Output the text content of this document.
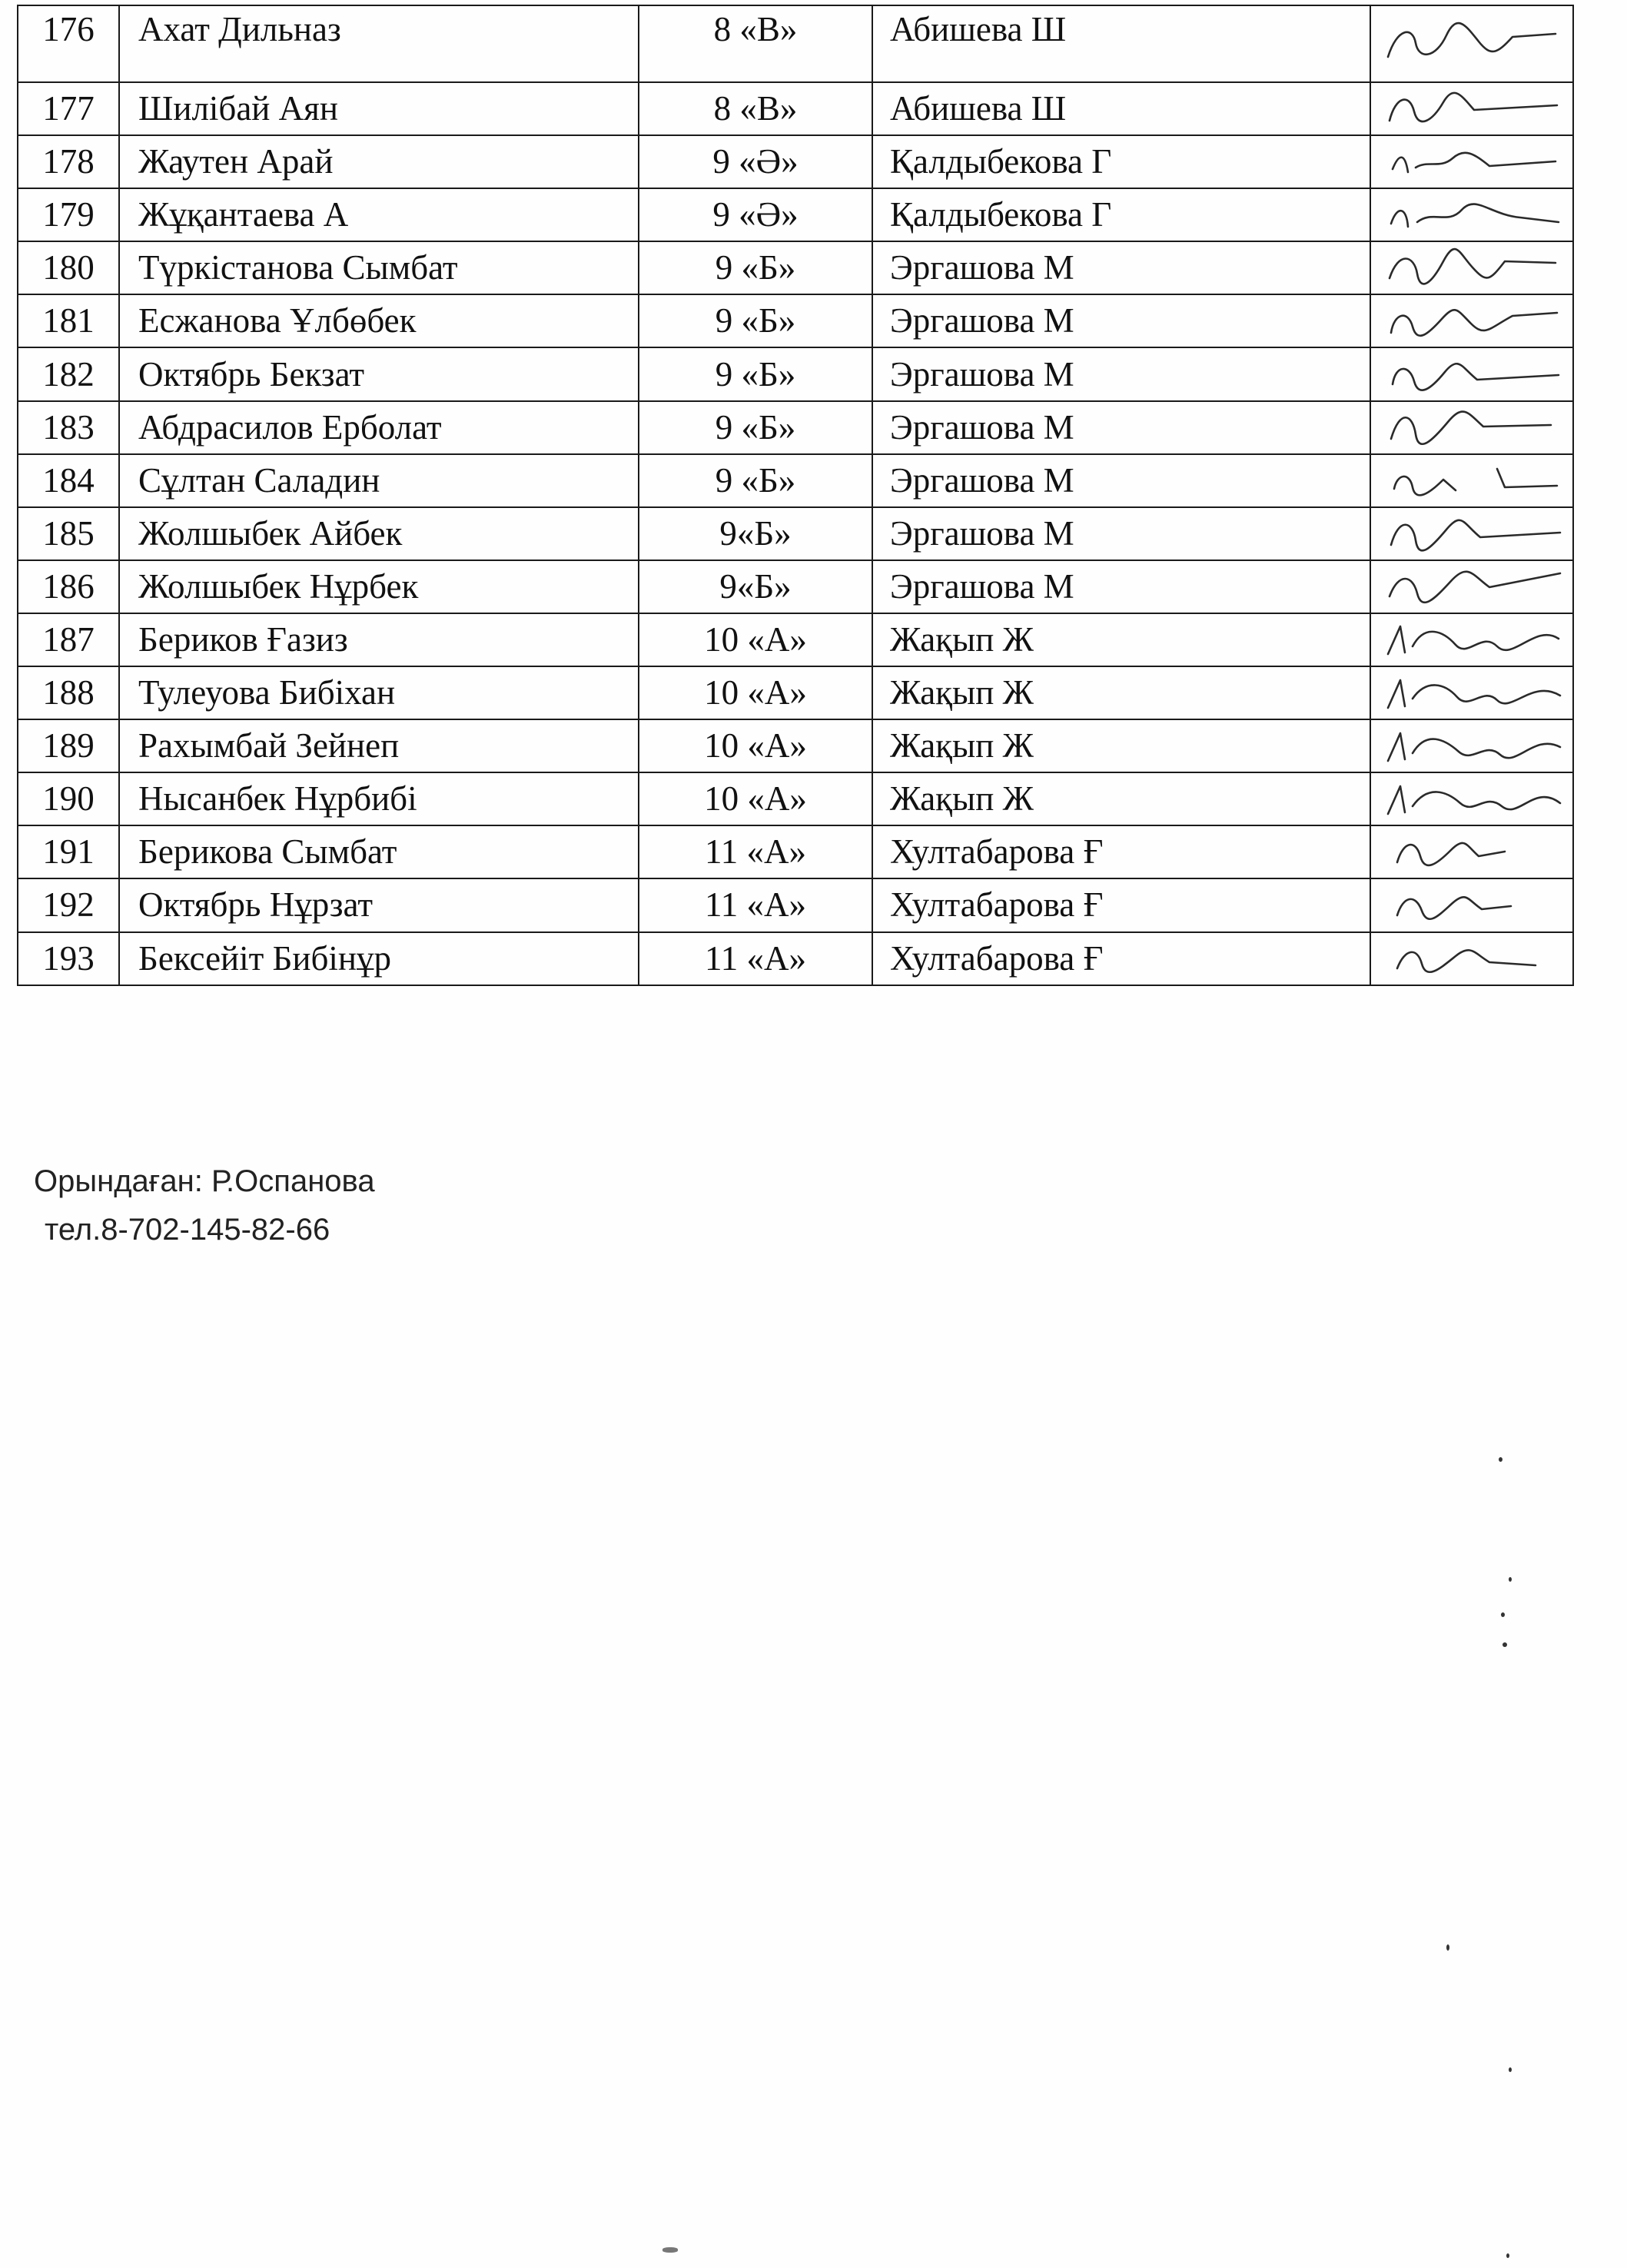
176	Ахат Дильназ	8 «В»	Абишева Ш	

177	Шилібай Аян	8 «В»	Абишева Ш	

178	Жаутен Арай	9 «Ә»	Қалдыбекова Г	

179	Жұқантаева А	9 «Ә»	Қалдыбекова Г	

180	Түркістанова Сымбат	9 «Б»	Эргашова М	

181	Есжанова Ұлбөбек	9 «Б»	Эргашова М	

182	Октябрь Бекзат	9 «Б»	Эргашова М	

183	Абдрасилов Ерболат	9 «Б»	Эргашова М	

184	Сұлтан Саладин	9 «Б»	Эргашова М	

185	Жолшыбек Айбек	9«Б»	Эргашова М	

186	Жолшыбек Нұрбек	9«Б»	Эргашова М	

187	Бериков Ғазиз	10 «А»	Жақып Ж	

188	Тулеуова Бибіхан	10 «А»	Жақып Ж	

189	Рахымбай Зейнеп	10 «А»	Жақып Ж	

190	Нысанбек Нұрбибі	10 «А»	Жақып Ж	

191	Берикова Сымбат	11 «А»	Хултабарова Ғ	

192	Октябрь Нұрзат	11 «А»	Хултабарова Ғ	

193	Бексейіт Бибінұр	11 «А»	Хултабарова Ғ	
Орындаған: Р.Оспанова
тел.8-702-145-82-66
